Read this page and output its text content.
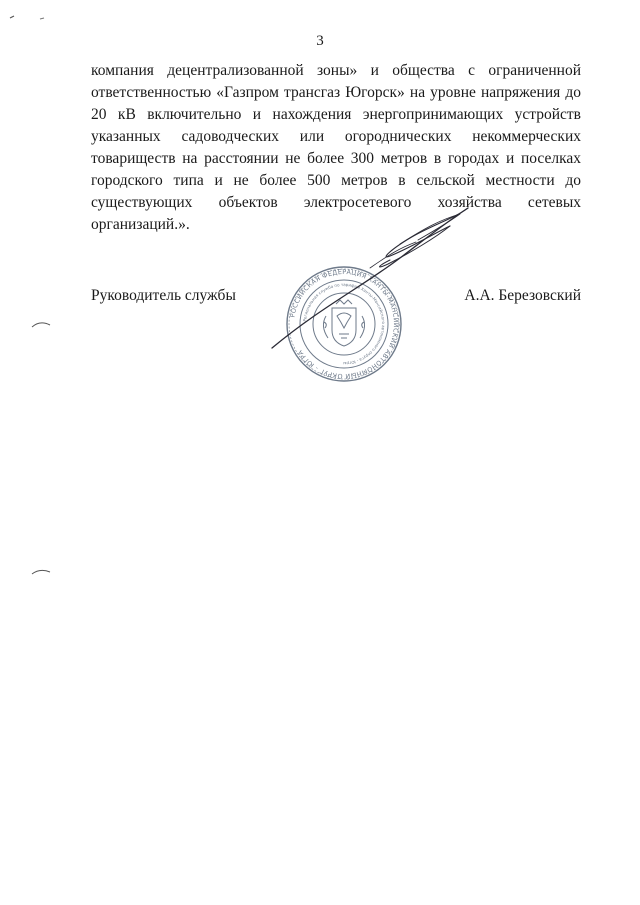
3
компания децентрализованной зоны» и общества с ограниченной
ответственностью «Газпром трансгаз Югорск» на уровне напряжения до
20 кВ включительно и нахождения энергопринимающих устройств
указанных садоводческих или огороднических некоммерческих
товариществ на расстоянии не более 300 метров в городах и поселках
городского типа и не более 500 метров в сельской местности до
существующих объектов электросетевого хозяйства сетевых
организаций.».
РОССИЙСКАЯ ФЕДЕРАЦИЯ ХАНТЫ-МАНСИЙСКИЙ АВТОНОМНЫЙ ОКРУГ - ЮГРА
Региональная служба по тарифам Ханты-Мансийского автономного округа - Югры
Руководитель службы	А.А. Березовский
